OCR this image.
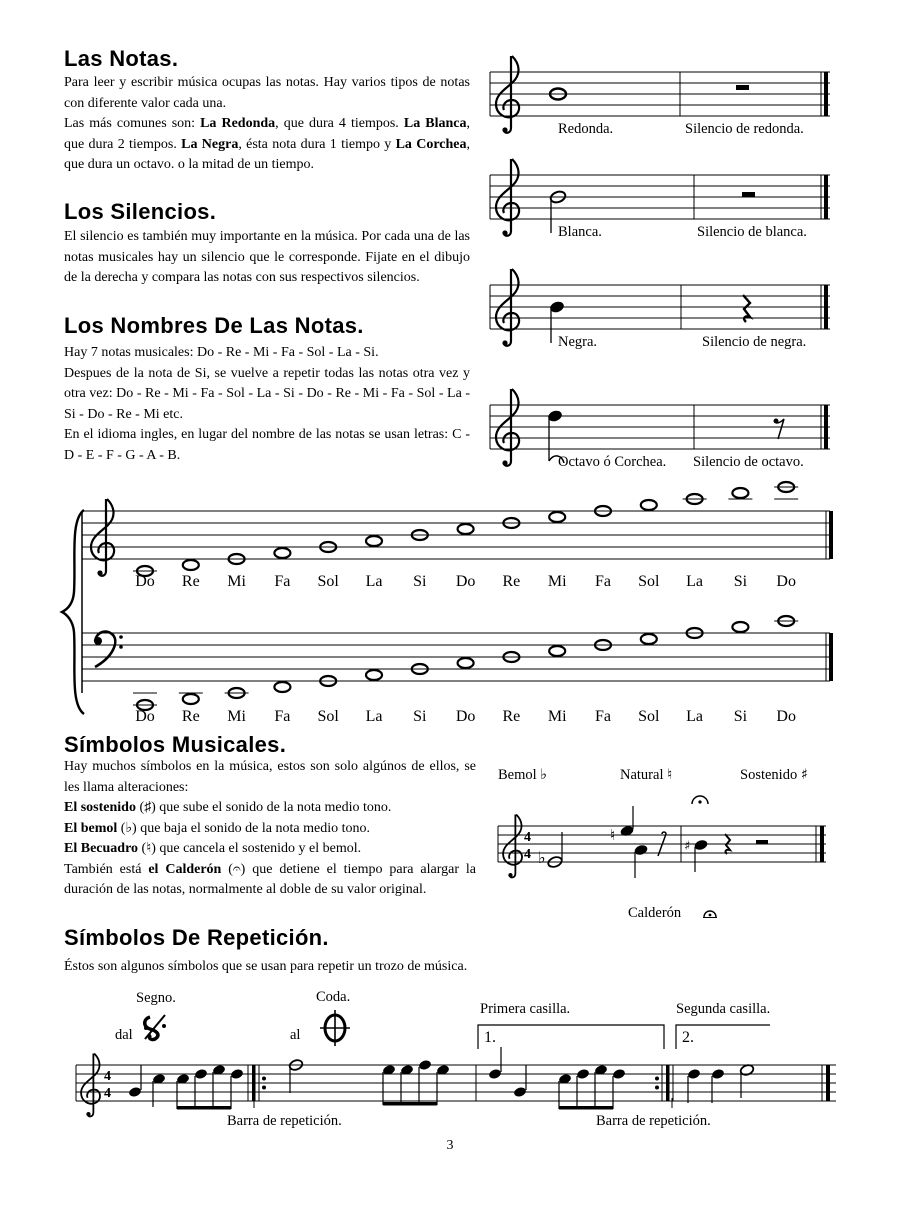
Las Notas.

Para leer y escribir música ocupas las notas. Hay varios tipos de notas con diferente valor cada una.

Las más comunes son: La Redonda, que dura 4 tiempos. La Blanca, que dura 2 tiempos. La Negra, ésta nota dura 1 tiempo y La Corchea, que dura un octavo. o la mitad de un tiempo.

Los Silencios.

El silencio es también muy importante en la música. Por cada una de las notas musicales hay un silencio que le corresponde. Fijate en el dibujo de la derecha y compara las notas con sus respectivos silencios.

Los Nombres De Las Notas.

Hay 7 notas musicales: Do - Re - Mi - Fa - Sol - La - Si.

Despues de la nota de Si, se vuelve a repetir todas las notas otra vez y otra vez: Do - Re - Mi - Fa - Sol - La - Si - Do - Re - Mi - Fa - Sol - La - Si - Do - Re - Mi etc.

En el idioma ingles, en lugar del nombre de las notas se usan letras: C - D - E - F - G - A - B.

Símbolos Musicales.

Hay muchos símbolos en la música, estos son solo algúnos de ellos, se les llama alteraciones:

El sostenido (♯) que sube el sonido de la nota medio tono.

El bemol (♭) que baja el sonido de la nota medio tono.

El Becuadro (♮) que cancela el sostenido y el bemol.

También está el Calderón (𝄐) que detiene el tiempo para alargar la duración de las notas, normalmente al doble de su valor original.

Símbolos De Repetición.

Éstos son algunos símbolos que se usan para repetir un trozo de música.

4
4 ♭
♮
♯
4
4
Redonda.	Silencio de redonda.
Blanca.	Silencio de blanca.
Negra.	Silencio de negra.
Octavo ó Corchea. Silencio de octavo.
Do	Re	Mi	Fa	Sol	La	Si	Do	Re	Mi	Fa	Sol	La	Si	Do
Do	Re	Mi	Fa	Sol	La	Si	Do	Re	Mi	Fa	Sol	La	Si	Do
Bemol ♭	Natural ♮	Sostenido ♯
Calderón
Segno.
dal
Coda.
al
Primera casilla.	Segunda casilla.
1.	2.
Barra de repetición.	Barra de repetición.
3
